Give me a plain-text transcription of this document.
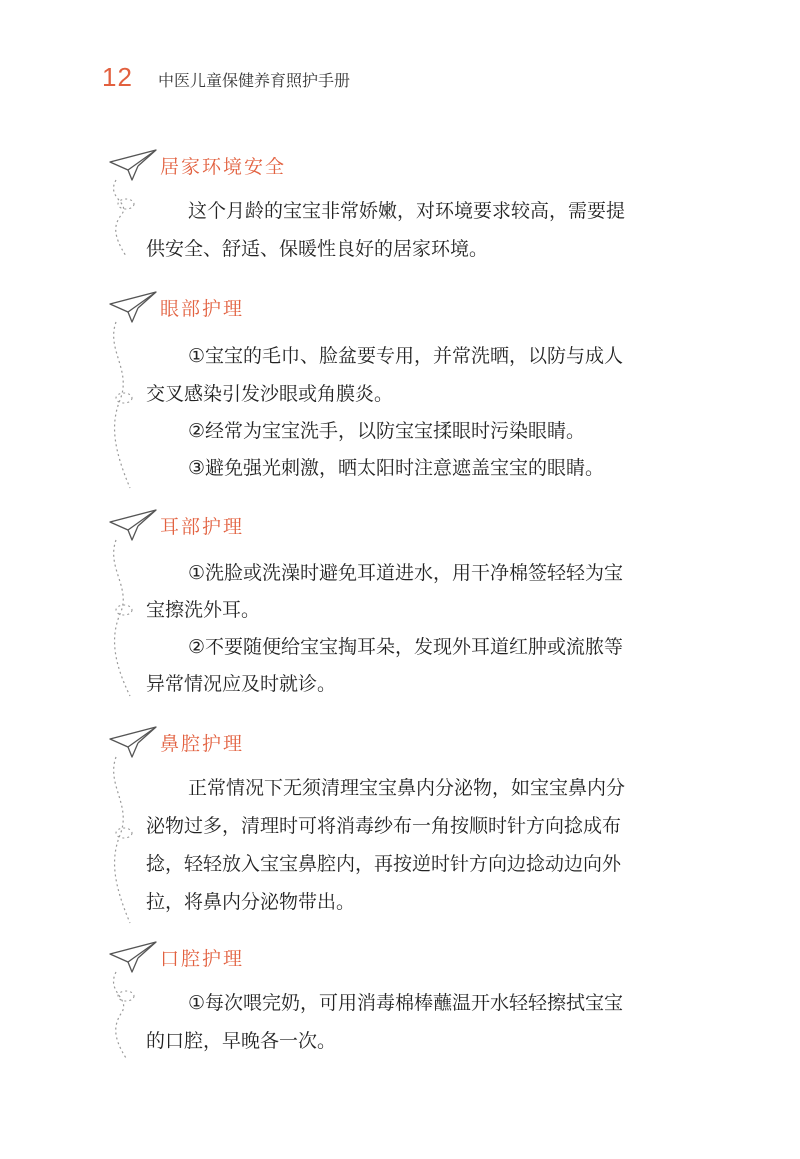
12 中医儿童保健养育照护手册
居家环境安全

这个月龄的宝宝非常娇嫩，对环境要求较高，需要提

供安全、舒适、保暖性良好的居家环境。

眼部护理

①宝宝的毛巾、脸盆要专用，并常洗晒，以防与成人

交叉感染引发沙眼或角膜炎。

②经常为宝宝洗手，以防宝宝揉眼时污染眼睛。

③避免强光刺激，晒太阳时注意遮盖宝宝的眼睛。

耳部护理

①洗脸或洗澡时避免耳道进水，用干净棉签轻轻为宝

宝擦洗外耳。

②不要随便给宝宝掏耳朵，发现外耳道红肿或流脓等

异常情况应及时就诊。

鼻腔护理

正常情况下无须清理宝宝鼻内分泌物，如宝宝鼻内分

泌物过多，清理时可将消毒纱布一角按顺时针方向捻成布

捻，轻轻放入宝宝鼻腔内，再按逆时针方向边捻动边向外

拉，将鼻内分泌物带出。

口腔护理

①每次喂完奶，可用消毒棉棒蘸温开水轻轻擦拭宝宝

的口腔，早晚各一次。
